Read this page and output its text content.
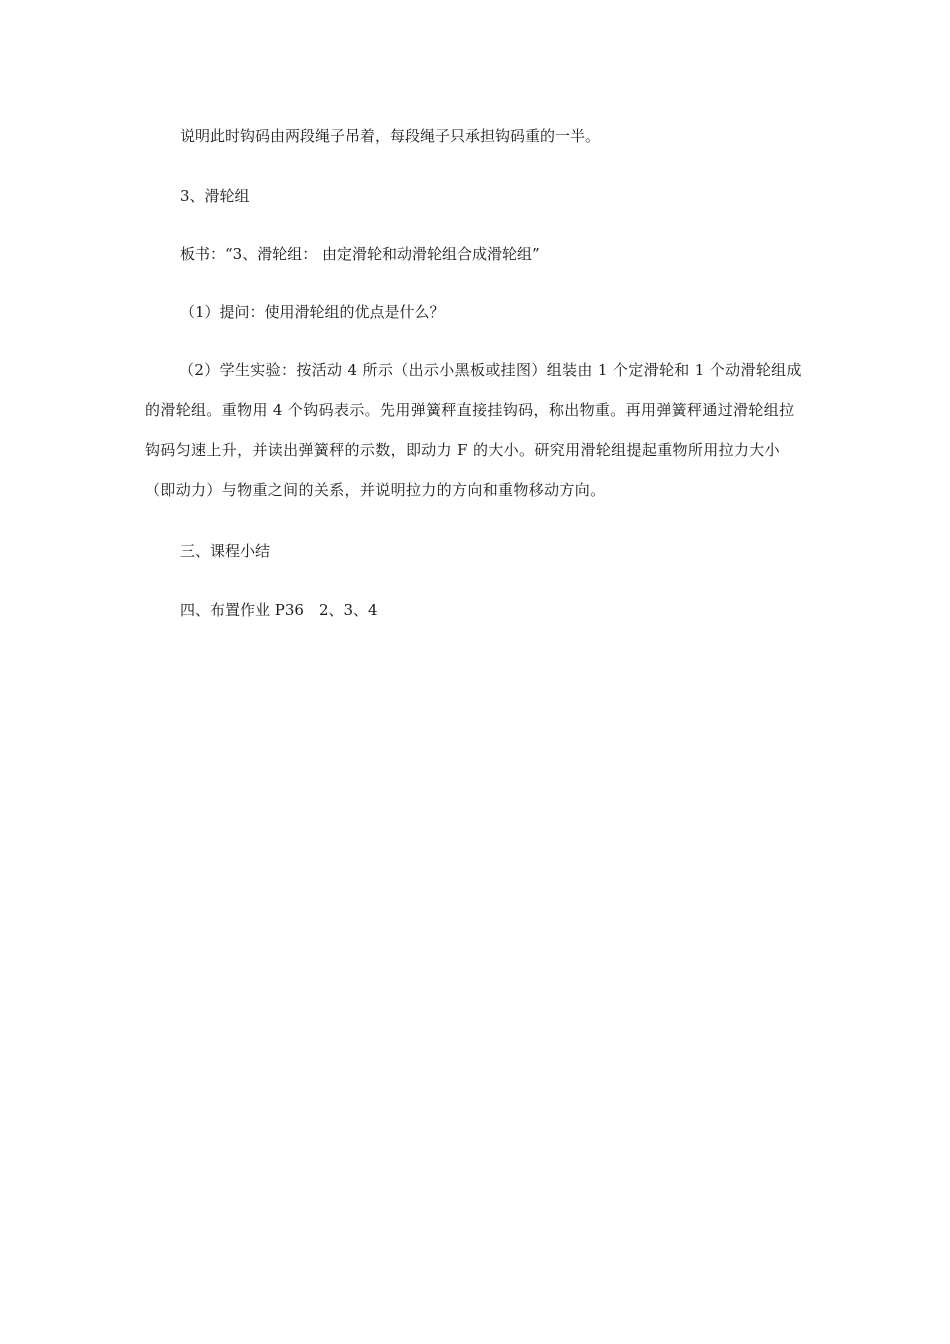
说明此时钩码由两段绳子吊着，每段绳子只承担钩码重的一半。

3、滑轮组

板书：“3、滑轮组： 由定滑轮和动滑轮组合成滑轮组”

（1）提问：使用滑轮组的优点是什么？

（2）学生实验：按活动 4 所示（出示小黑板或挂图）组装由 1 个定滑轮和 1 个动滑轮组成的滑轮组。重物用 4 个钩码表示。先用弹簧秤直接挂钩码，称出物重。再用弹簧秤通过滑轮组拉钩码匀速上升，并读出弹簧秤的示数，即动力 F 的大小。研究用滑轮组提起重物所用拉力大小（即动力）与物重之间的关系，并说明拉力的方向和重物移动方向。

三、课程小结

四、布置作业 P36　2、3、4
